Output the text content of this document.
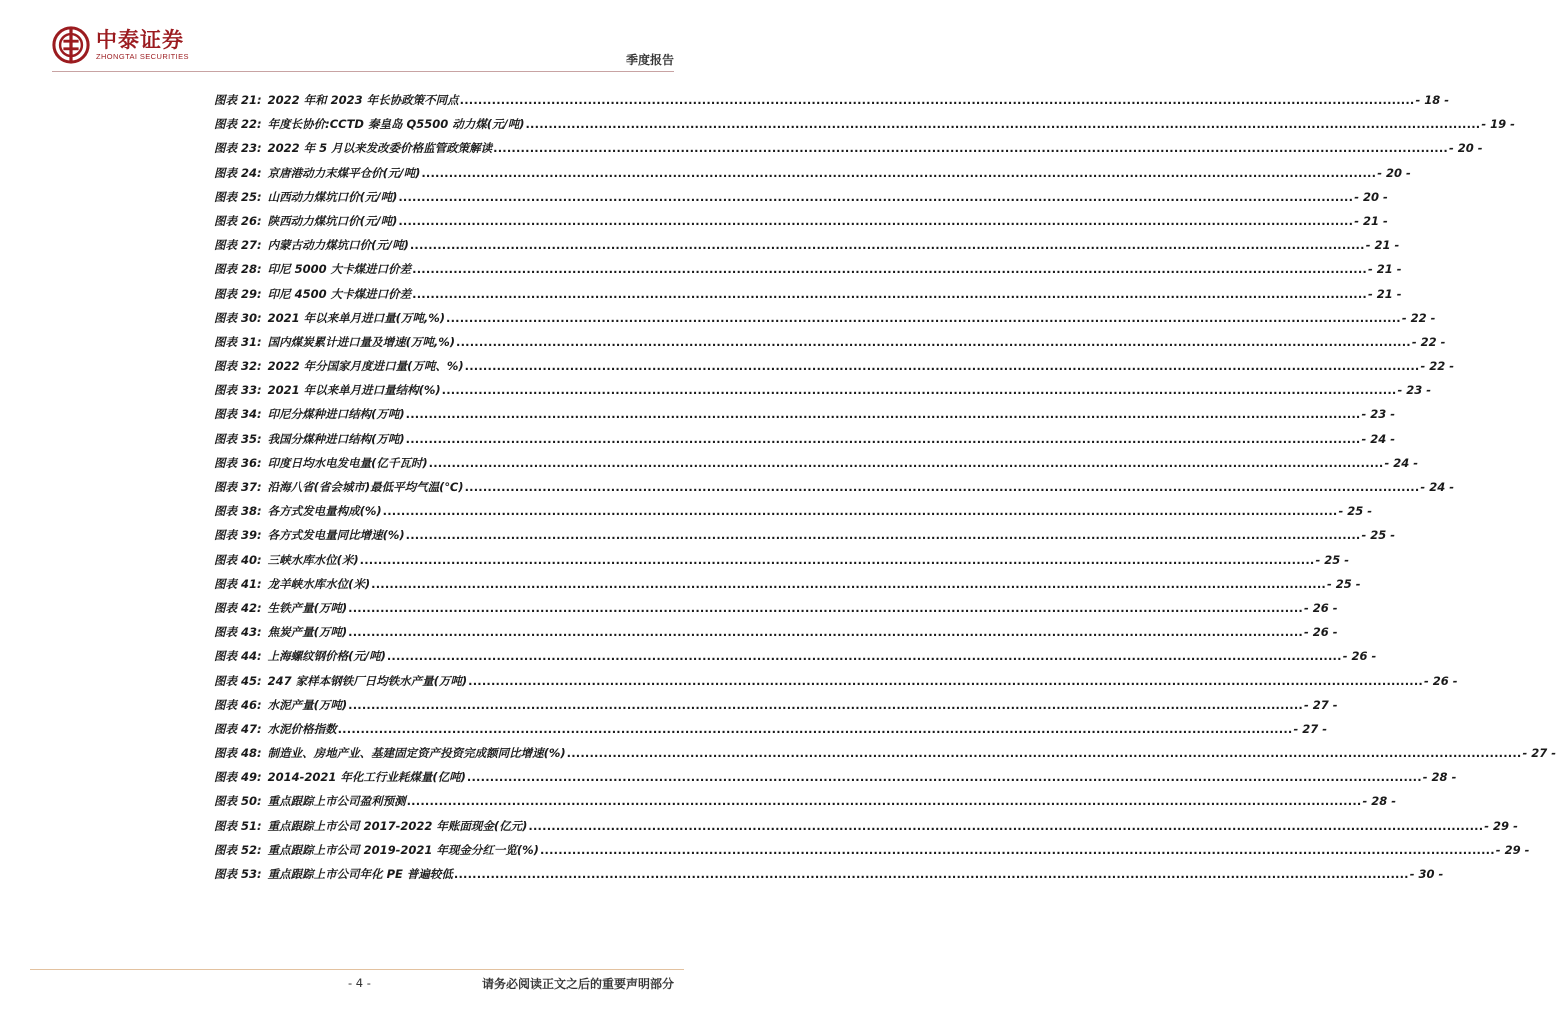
中泰证券
ZHONGTAI SECURITIES	季度报告
图表 21: 2022 年和 2023 年长协政策不同点 .....	- 18 -
图表 22: 年度长协价:CCTD 秦皇岛 Q5500 动力煤(元/吨) .....	- 19 -
图表 23: 2022 年 5 月以来发改委价格监管政策解读 .....	- 20 -
图表 24: 京唐港动力末煤平仓价(元/吨) .....	- 20 -
图表 25: 山西动力煤坑口价(元/吨) .....	- 20 -
图表 26: 陕西动力煤坑口价(元/吨) .....	- 21 -
图表 27: 内蒙古动力煤坑口价(元/吨) .....	- 21 -
图表 28: 印尼 5000 大卡煤进口价差 .....	- 21 -
图表 29: 印尼 4500 大卡煤进口价差 .....	- 21 -
图表 30: 2021 年以来单月进口量(万吨,%) .....	- 22 -
图表 31: 国内煤炭累计进口量及增速(万吨,%) .....	- 22 -
图表 32: 2022 年分国家月度进口量(万吨、%) .....	- 22 -
图表 33: 2021 年以来单月进口量结构(%) .....	- 23 -
图表 34: 印尼分煤种进口结构(万吨) .....	- 23 -
图表 35: 我国分煤种进口结构(万吨) .....	- 24 -
图表 36: 印度日均水电发电量(亿千瓦时) .....	- 24 -
图表 37: 沿海八省(省会城市)最低平均气温(℃) .....	- 24 -
图表 38: 各方式发电量构成(%) .....	- 25 -
图表 39: 各方式发电量同比增速(%) .....	- 25 -
图表 40: 三峡水库水位(米) .....	- 25 -
图表 41: 龙羊峡水库水位(米) .....	- 25 -
图表 42: 生铁产量(万吨) .....	- 26 -
图表 43: 焦炭产量(万吨) .....	- 26 -
图表 44: 上海螺纹钢价格(元/吨) .....	- 26 -
图表 45: 247 家样本钢铁厂日均铁水产量(万吨) .....	- 26 -
图表 46: 水泥产量(万吨) .....	- 27 -
图表 47: 水泥价格指数 .....	- 27 -
图表 48: 制造业、房地产业、基建固定资产投资完成额同比增速(%) .....	- 27 -
图表 49: 2014-2021 年化工行业耗煤量(亿吨) .....	- 28 -
图表 50: 重点跟踪上市公司盈利预测 .....	- 28 -
图表 51: 重点跟踪上市公司 2017-2022 年账面现金(亿元) .....	- 29 -
图表 52: 重点跟踪上市公司 2019-2021 年现金分红一览(%) .....	- 29 -
图表 53: 重点跟踪上市公司年化 PE 普遍较低 .....	- 30 -
- 4 -	请务必阅读正文之后的重要声明部分
